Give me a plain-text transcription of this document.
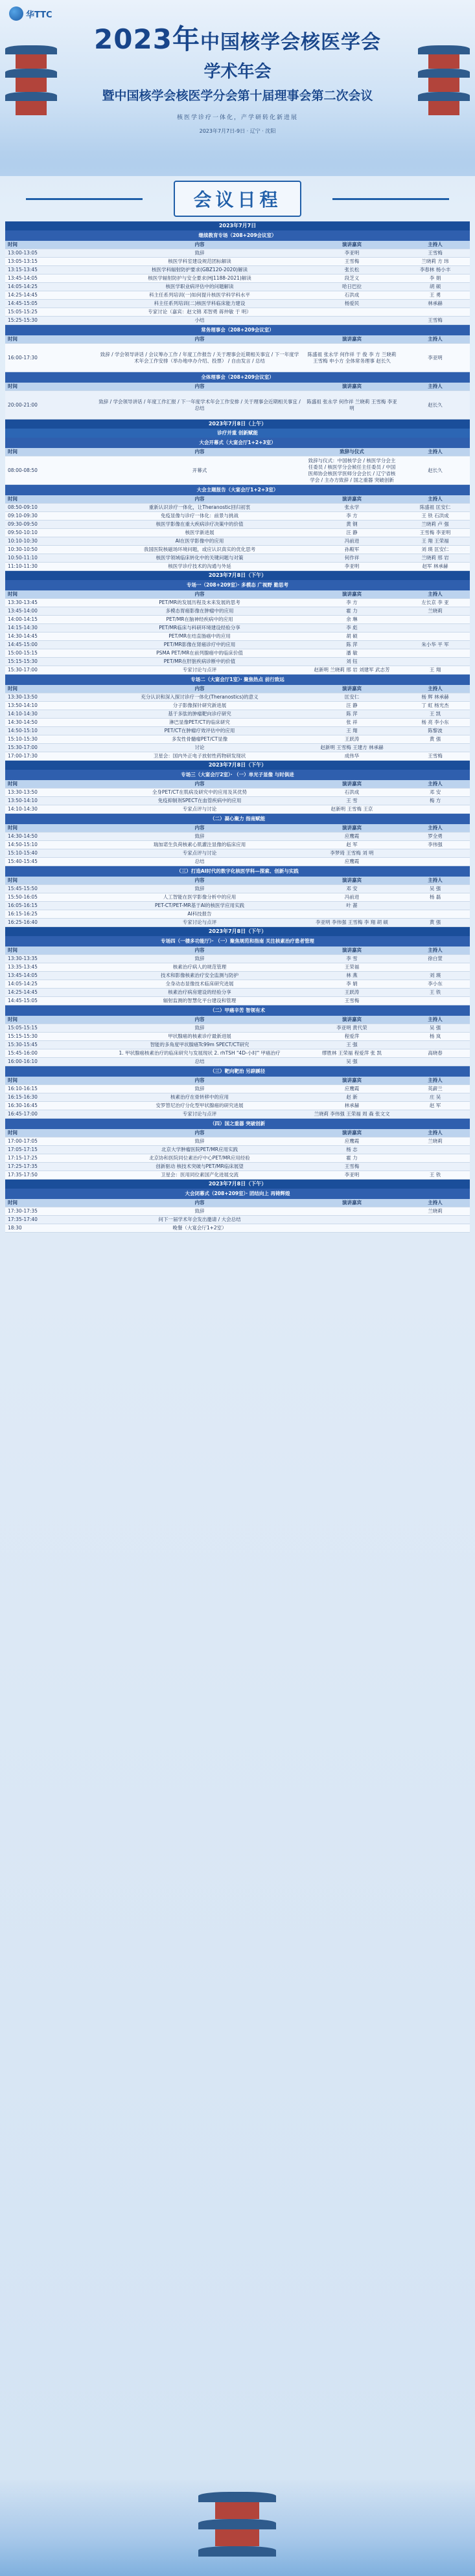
华TTC
2023年中国核学会核医学会
学术年会
暨中国核学会核医学分会第十届理事会第二次会议
核医学诊疗一体化，产学研转化新进展
2023年7月7日-9日 · 辽宁 · 沈阳
会议日程
2023年7月7日			
继续教育专场（208+209会议室）			
时间	内容	演讲嘉宾	主持人
13:00-13:05	致辞	李亚明	王雪梅
13:05-13:15	核医学科室建设规范团标解读	王雪梅	兰晓莉 方 玮
13:15-13:45	核医学科辐射防护要求(GBZ120-2020)解读	张长松	李春林 杨小丰
13:45-14:05	核医学辐射防护与安全要求(HJ1188-2021)解读	段芝义	李 娟
14:05-14:25	核医学职业病评估中的问题解读	哈日巴拉	胡 硕
14:25-14:45	科主任系列培训(一)如何提升核医学科学科水平	石洪成	王 勇
14:45-15:05	科主任系列培训(二)核医学科临床能力建设	杨爱民	林承赫
15:05-15:25	专家讨论（嘉宾：赵文锦 邓智勇 蒋仲敏 于 明）		
15:25-15:30	小结		王雪梅
常务理事会（208+209会议室）			
时间	内容	演讲嘉宾	主持人
16:00-17:30	致辞 / 学会领导讲话 / 会议筹办工作 / 年度工作报告 / 关于理事会近期相关事宜 / 下一年度学术年会工作安排（举办地申办介绍、投票） / 自由发言 / 总结	陈盛祖 张永学 何作祥 于 俊 李 方 兰晓莉 王雪梅 申小方 全体常务理事 赵长久	李亚明
全体理事会（208+209会议室）			
时间	内容	演讲嘉宾	主持人
20:00-21:00	致辞 / 学会领导讲话 / 年度工作汇报 / 下一年度学术年会工作安排 / 关于理事会近期相关事宜 / 总结	陈盛祖 张永学 何作祥 兰晓莉 王雪梅 李亚明	赵长久
2023年7月8日（上午）			
诊疗并重 创新赋能			
大会开幕式（大宴会厅1+2+3室）			
时间	内容	致辞与仪式	主持人
08:00-08:50	开幕式	致辞与仪式：中国核学会 / 核医学分会主任委员 / 核医学分会候任主任委员 / 中国医师协会核医学医师分会会长 / 辽宁省核学会 / 主办方致辞 / 国之重器 突破创新	赵长久
大会主题报告（大宴会厅1+2+3室）			
时间	内容	演讲嘉宾	主持人
08:50-09:10	重新认识诊疗一体化，让Theranostic回归初衷	张永学	陈盛祖 匡安仁
09:10-09:30	免疫显像与诊疗一体化：前景与挑战	李 方	王 铁 石洪成
09:30-09:50	核医学影像在重大疾病诊疗决策中的价值	黄 钢	兰晓莉 卢 强
09:50-10:10	核医学新进展	汪 静	王雪梅 李亚明
10:10-10:30	AI在医学影像中的应用	冯前进	王 翔 王荣福
10:30-10:50	我国医院核磁场环境问题，或应认识真实的优化思考	孙殿军	刘 瑛 匡安仁
10:50-11:10	核医学领域临床转化中的关键问题与对策	何作祥	兰晓莉 邢 岩
11:10-11:30	核医学诊疗技术的沟通与外延	李亚明	赵军 林承赫
2023年7月8日（下午）			
专场一（208+209室）· 多模态 广视野 勤思考			
时间	内容	演讲嘉宾	主持人
13:30-13:45	PET/MR的发展历程及未来发展的思考	李 方	左长京 李 亚
13:45-14:00	多模态胃癌影像在肿瘤中的应用	霍 力	兰晓莉
14:00-14:15	PET/MR在脑神经疾病中的应用	余 琳	
14:15-14:30	PET/MR临床与科研环境建设经验分享	李 彪	
14:30-14:45	PET/MR在结直肠癌中的应用	胡 硕	
14:45-15:00	PET/MR影像在肾癌诊疗中的应用	陈 萍	朱小华 平 军
15:00-15:15	PSMA PET/MR在前列腺癌中的临床价值	潘 敏	
15:15-15:30	PET/MR在肝脏疾病诊断中的价值	刘 钰	
15:30-17:00	专家讨论与点评	赵新明 兰晓莉 邢 岩 刘建军 武志芳	王 翔
专场二（大宴会厅1室）· 聚焦热点 前行致远			
时间	内容	演讲嘉宾	主持人
13:30-13:50	充分认识和深入探讨诊疗一体化(Theranostics)的意义	匡安仁	杨 辉 林承赫
13:50-14:10	分子影像探针研究新进展	汪 静	丁 虹 杨光杰
14:10-14:30	基于多肽的肿瘤靶向诊疗研究	陈 萍	王 凯
14:30-14:50	淋巴显像PET/CT的临床研究	张 祥	杨 亮 李小东
14:50-15:10	PET/CT在肿瘤疗效评估中的应用	王 翔	陈黎波
15:10-15:30	多发性骨髓瘤PET/CT显像	王跃涛	黄 强
15:30-17:00	讨论	赵新明 王雪梅 王建方 林承赫	
17:00-17:30	卫星会：国内外正电子放射性药物研发现状	成伟华	王雪梅
2023年7月8日（下午）			
专场三（大宴会厅2室）· （一）单光子显像 与时俱进			
时间	内容	演讲嘉宾	主持人
13:30-13:50	全身PET/CT在肌病及研究中的应用及其优势	石洪成	邓 安
13:50-14:10	免疫抑制剂SPECT在血管疾病中的应用	王 雪	梅 方
14:10-14:30	专家点评与讨论	赵新明 王雪梅 王京	
（二）凝心聚力 指南赋能			
时间	内容	演讲嘉宾	主持人
14:30-14:50	致辞	应鹰霞	罗全勇
14:50-15:10	瑞加诺生负荷核素心肌灌注显像的临床应用	赵 军	李伟强
15:10-15:40	专家点评与讨论	李梦琦 王雪梅 刘 明	
15:40-15:45	总结	应鹰霞	
（三）打造AI时代的数字化核医学科—探索、创新与实践			
时间	内容	演讲嘉宾	主持人
15:45-15:50	致辞	邓 安	吴 强
15:50-16:05	人工智能在医学影像分析中的应用	冯前进	杨 磊
16:05-16:15	PET-CT/PET-MR基于AI的核医学应用实践	叶 蔷	
16:15-16:25	AI科技报告		
16:25-16:40	专家讨论与点评	李亚明 李伟强 王雪梅 李 翔 胡 硕	黄 强
2023年7月8日（下午）			
专场四（一楼多功能厅）· （一）聚焦规范和指南 关注核素治疗患者管理			
时间	内容	演讲嘉宾	主持人
13:30-13:35	致辞	李 雪	徐白萱
13:35-13:45	核素治疗病人的规范管理	王荣福	
13:45-14:05	技术和影像核素治疗安全监测与防护	林 燕	刘 瑛
14:05-14:25	全身动态显像技术临床研究进展	李 娟	李小东
14:25-14:45	核素治疗病房建设的经验分享	王跃涛	王 铁
14:45-15:05	辐射监测的智慧化平台建设和管理	王雪梅	
（二）甲癌辛苦 智领有术			
时间	内容	演讲嘉宾	主持人
15:05-15:15	致辞	李亚明 黄代荣	吴 强
15:15-15:30	甲状腺癌的核素诊疗最新进展	程爱萍	杨 岚
15:30-15:45	智能的多角度甲状腺癌Tc99m SPECT/CT研究	王 强	
15:45-16:00	1. 甲状腺癌核素治疗的临床研究与发展现状 2. rhTSH "4D-小时" 甲癌治疗	缪胜林 王荣福 程爱萍 张 凯	高晓春
16:00-16:10	总结	吴 强	
（三）靶向靶治 另辟蹊径			
时间	内容	演讲嘉宾	主持人
16:10-16:15	致辞	应鹰霞	英薪兰
16:15-16:30	核素治疗在骨转移中的应用	赵 新	庄 吴
16:30-16:45	安罗替尼治疗分化型甲状腺癌的研究进展	林承赫	赵 军
16:45-17:00	专家讨论与点评	兰晓莉 李伟强 王荣福 周 森 张文文	
（四）国之重器 突破创新			
时间	内容	演讲嘉宾	主持人
17:00-17:05	致辞	应鹰霞	兰晓莉
17:05-17:15	北京大学肿瘤医院PET/MR应用实践	杨 志	
17:15-17:25	北京协和医院同位素治疗中心PET/MR应用经验	霍 力	
17:25-17:35	创新驱动 核技术突破与PET/MR临床展望	王雪梅	
17:35-17:50	卫星会：医用同位素国产化进展交流	李亚明	王 铁
2023年7月8日（下午）			
大会闭幕式（208+209室）· 团结向上 再铸辉煌			
时间	内容	演讲嘉宾	主持人
17:30-17:35	致辞		兰晓莉
17:35-17:40	问下一届学术年会发出邀请 / 大会总结		
18:30	晚餐（大宴会厅1+2室）		
